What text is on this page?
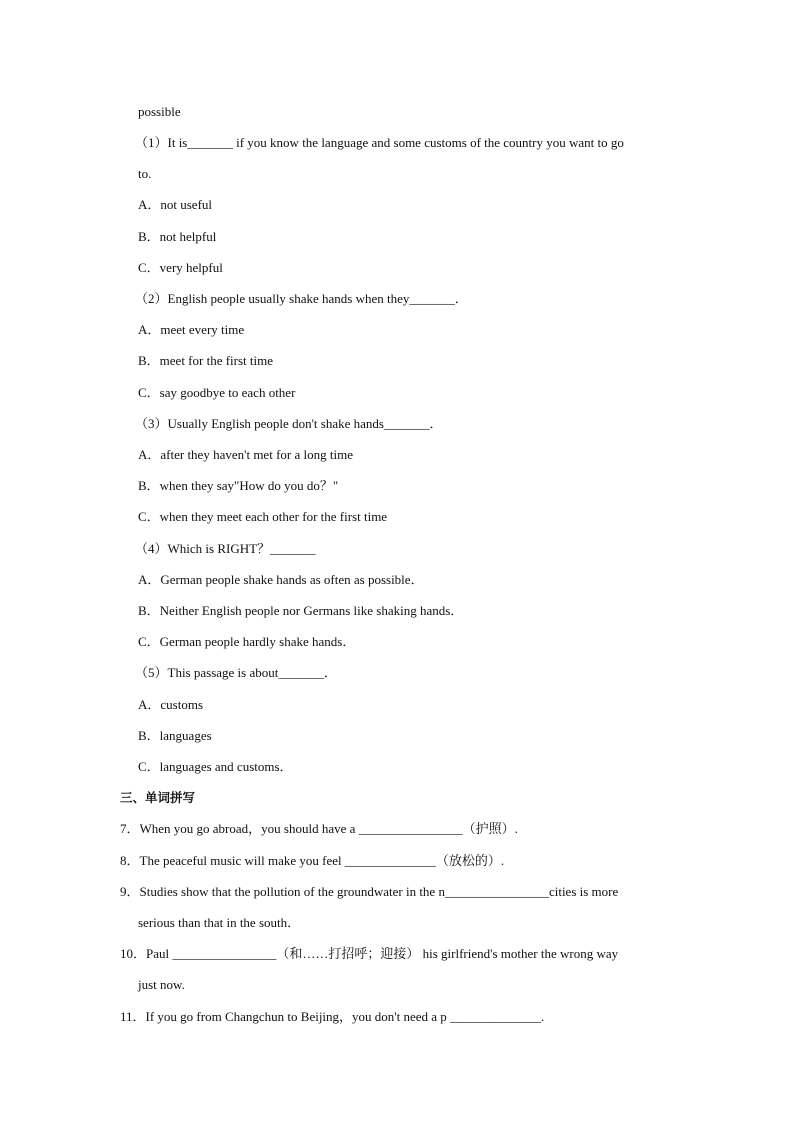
possible
（1）It is_______ if you know the language and some customs of the country you want to go
to.
A．not useful
B．not helpful
C．very helpful
（2）English people usually shake hands when they_______．
A．meet every time
B．meet for the first time
C．say goodbye to each other
（3）Usually English people don't shake hands_______．
A．after they haven't met for a long time
B．when they say"How do you do？"
C．when they meet each other for the first time
（4）Which is RIGHT？_______
A．German people shake hands as often as possible．
B．Neither English people nor Germans like shaking hands．
C．German people hardly shake hands．
（5）This passage is about_______．
A．customs
B．languages
C．languages and customs．
三、单词拼写
7．When you go abroad，you should have a ________________（护照）.
8．The peaceful music will make you feel ______________（放松的）.
9．Studies show that the pollution of the groundwater in the n________________cities is more
serious than that in the south．
10．Paul ________________（和……打招呼；迎接） his girlfriend's mother the wrong way
just now.
11．If you go from Changchun to Beijing，you don't need a p ______________.
